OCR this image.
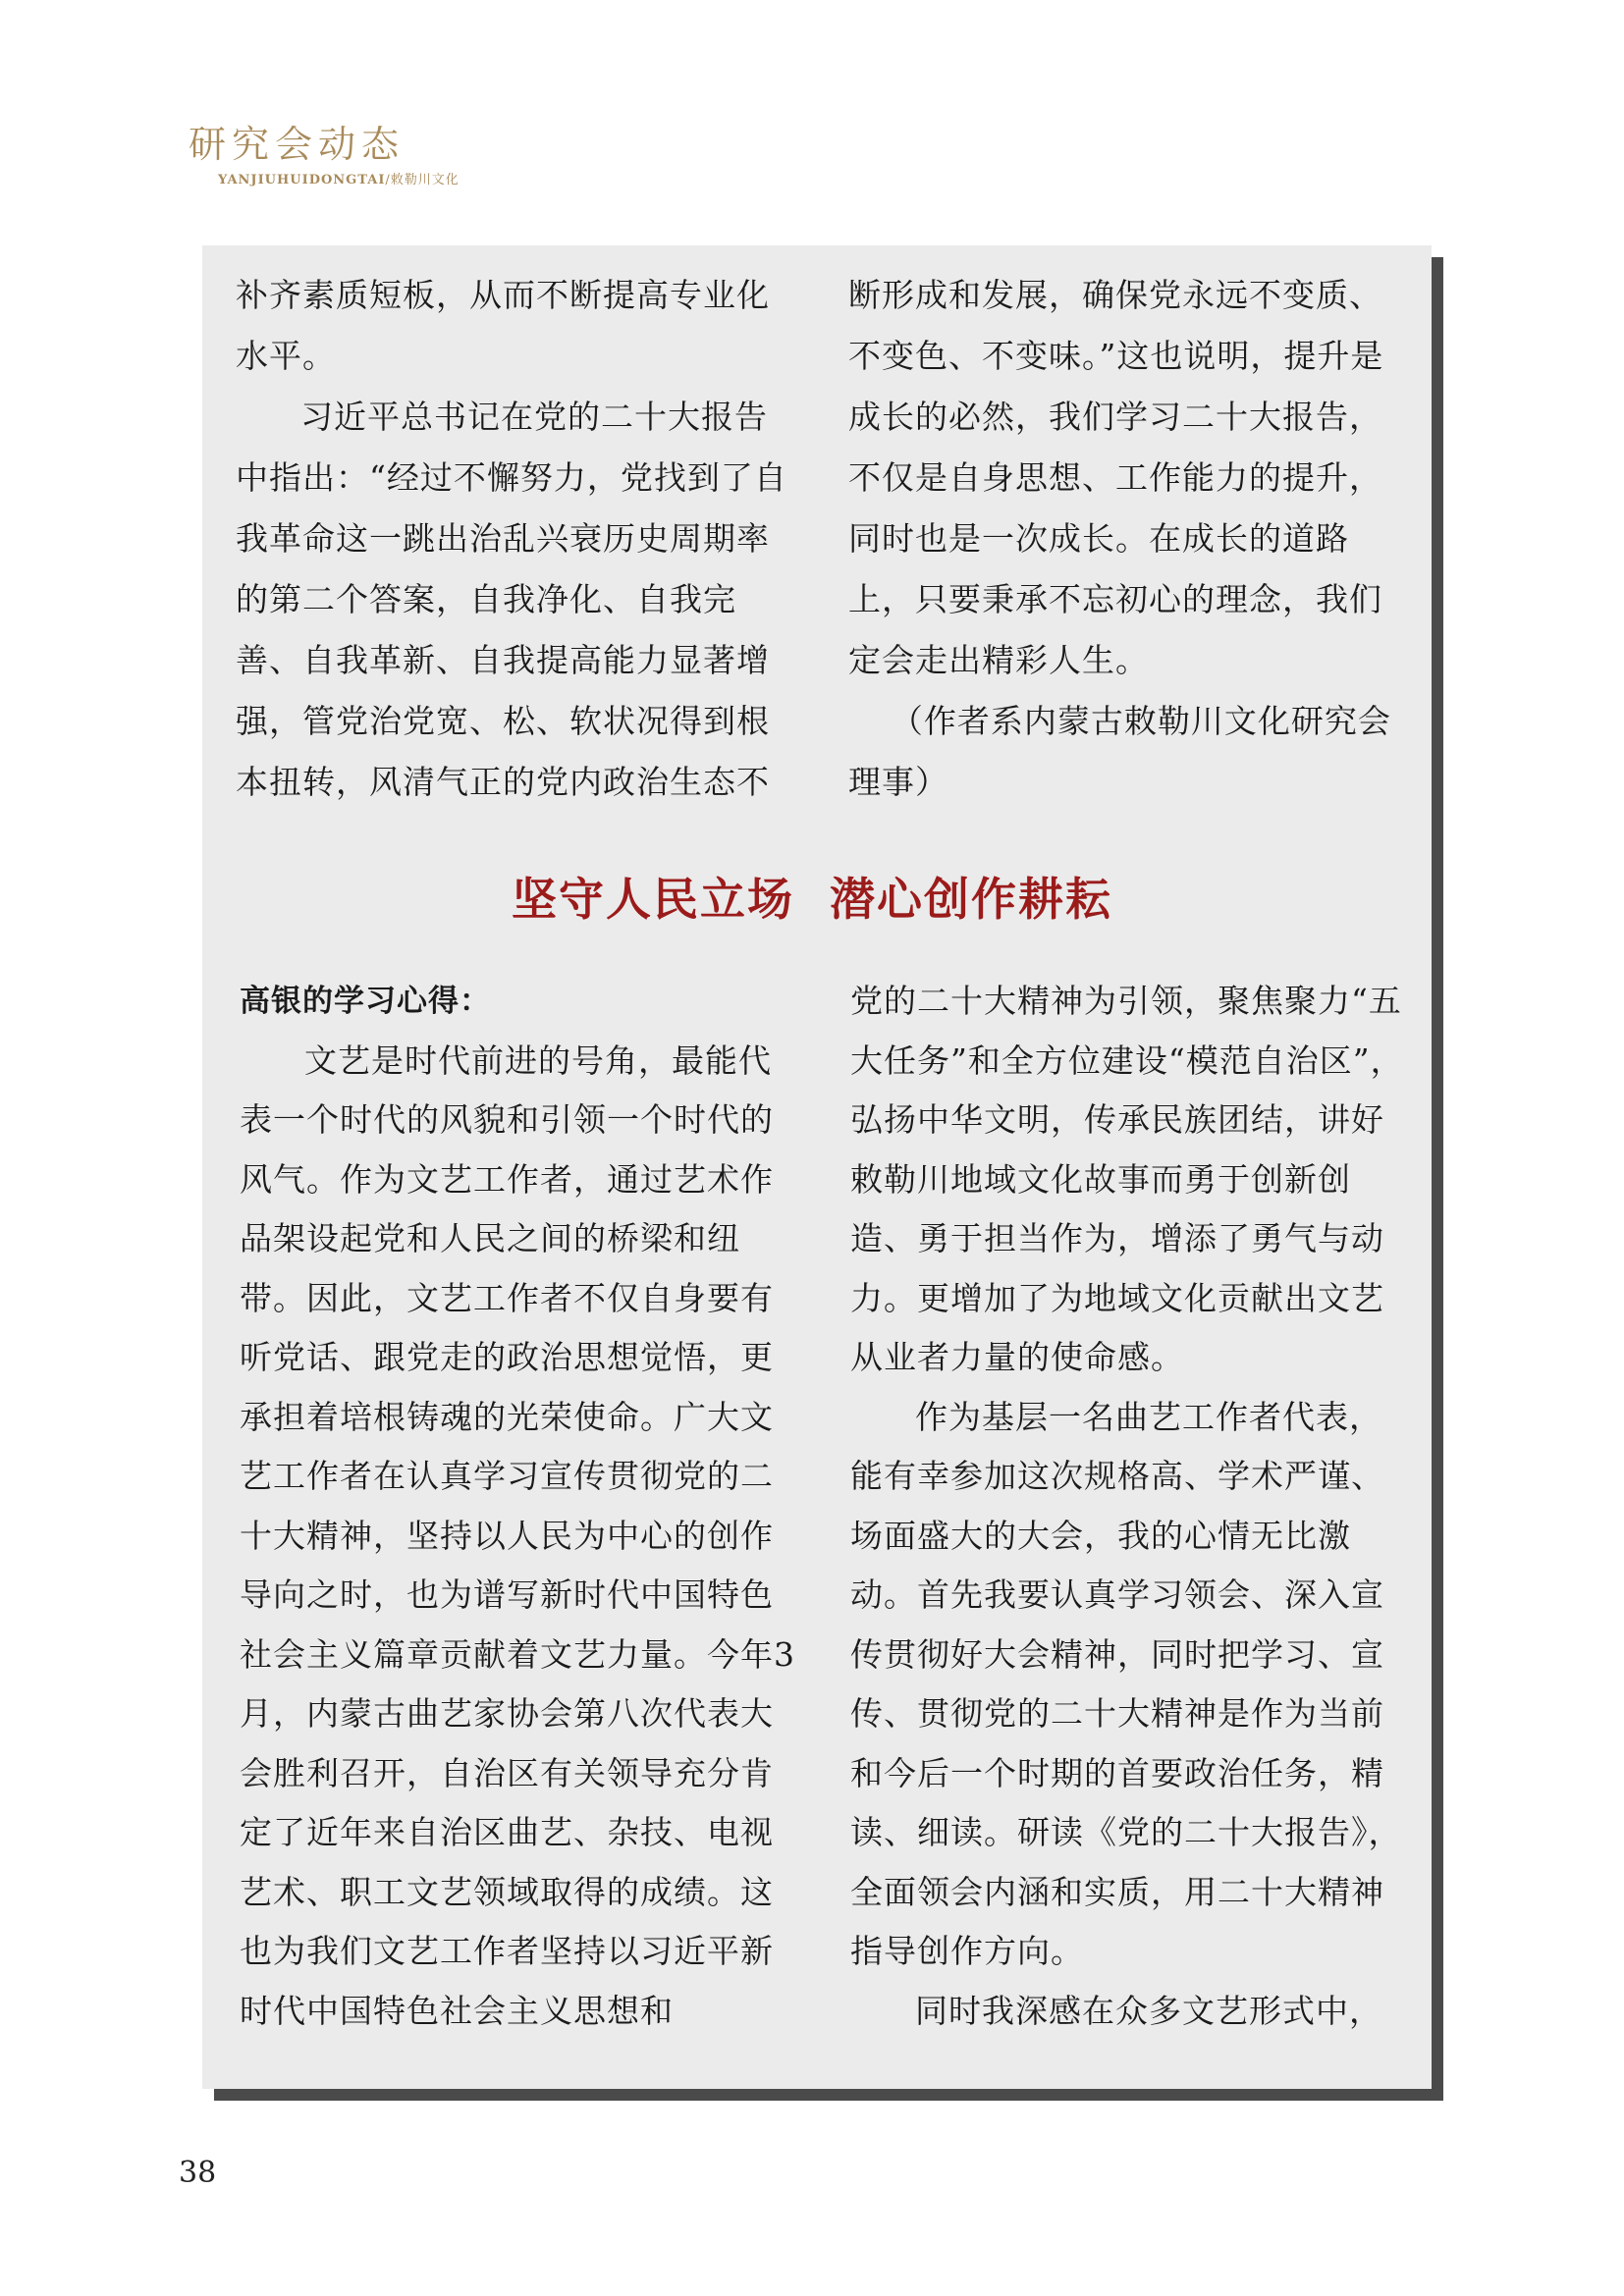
研究会动态
YANJIUHUIDONGTAI/敕勒川文化

补齐素质短板，从而不断提高专业化水平。

习近平总书记在党的二十大报告中指出：“经过不懈努力，党找到了自我革命这一跳出治乱兴衰历史周期率的第二个答案，自我净化、自我完善、自我革新、自我提高能力显著增强，管党治党宽、松、软状况得到根本扭转，风清气正的党内政治生态不

断形成和发展，确保党永远不变质、不变色、不变味。”这也说明，提升是成长的必然，我们学习二十大报告，不仅是自身思想、工作能力的提升，同时也是一次成长。在成长的道路上，只要秉承不忘初心的理念，我们定会走出精彩人生。

（作者系内蒙古敕勒川文化研究会理事）

坚守人民立场  潜心创作耕耘

高银的学习心得：

文艺是时代前进的号角，最能代表一个时代的风貌和引领一个时代的风气。作为文艺工作者，通过艺术作品架设起党和人民之间的桥梁和纽带。因此，文艺工作者不仅自身要有听党话、跟党走的政治思想觉悟，更承担着培根铸魂的光荣使命。广大文艺工作者在认真学习宣传贯彻党的二十大精神，坚持以人民为中心的创作导向之时，也为谱写新时代中国特色社会主义篇章贡献着文艺力量。今年3月，内蒙古曲艺家协会第八次代表大会胜利召开，自治区有关领导充分肯定了近年来自治区曲艺、杂技、电视艺术、职工文艺领域取得的成绩。这也为我们文艺工作者坚持以习近平新时代中国特色社会主义思想和

党的二十大精神为引领，聚焦聚力“五大任务”和全方位建设“模范自治区”，弘扬中华文明，传承民族团结，讲好敕勒川地域文化故事而勇于创新创造、勇于担当作为，增添了勇气与动力。更增加了为地域文化贡献出文艺从业者力量的使命感。

作为基层一名曲艺工作者代表，能有幸参加这次规格高、学术严谨、场面盛大的大会，我的心情无比激动。首先我要认真学习领会、深入宣传贯彻好大会精神，同时把学习、宣传、贯彻党的二十大精神是作为当前和今后一个时期的首要政治任务，精读、细读。研读《党的二十大报告》，全面领会内涵和实质，用二十大精神指导创作方向。

同时我深感在众多文艺形式中，

38
